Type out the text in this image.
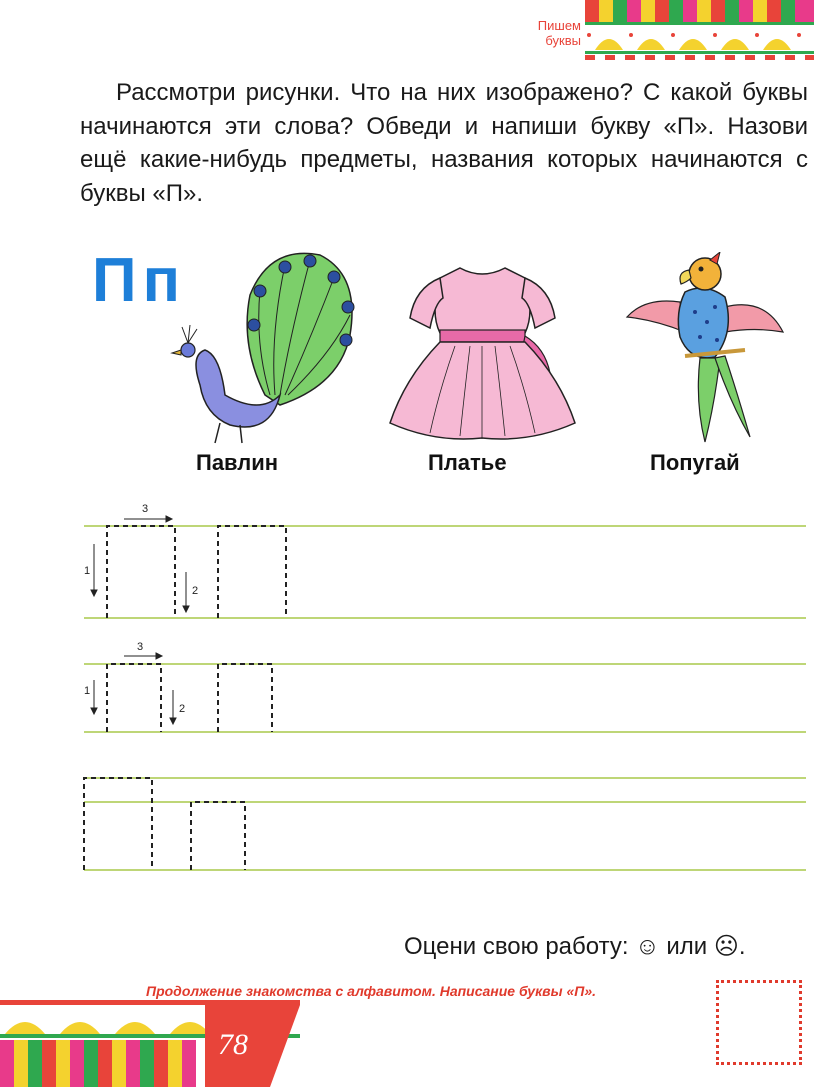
Пишем буквы

Рассмотри рисунки. Что на них изображено? С какой буквы начинаются эти слова? Обведи и напиши букву «П». Назови ещё какие-нибудь предметы, названия которых начинаются с буквы «П».

Пп
Павлин	Платье	Попугай
1
2
3
1
2
3
Оцени свою работу: ☺ или ☹.
Продолжение знакомства с алфавитом. Написание буквы «П».
78
